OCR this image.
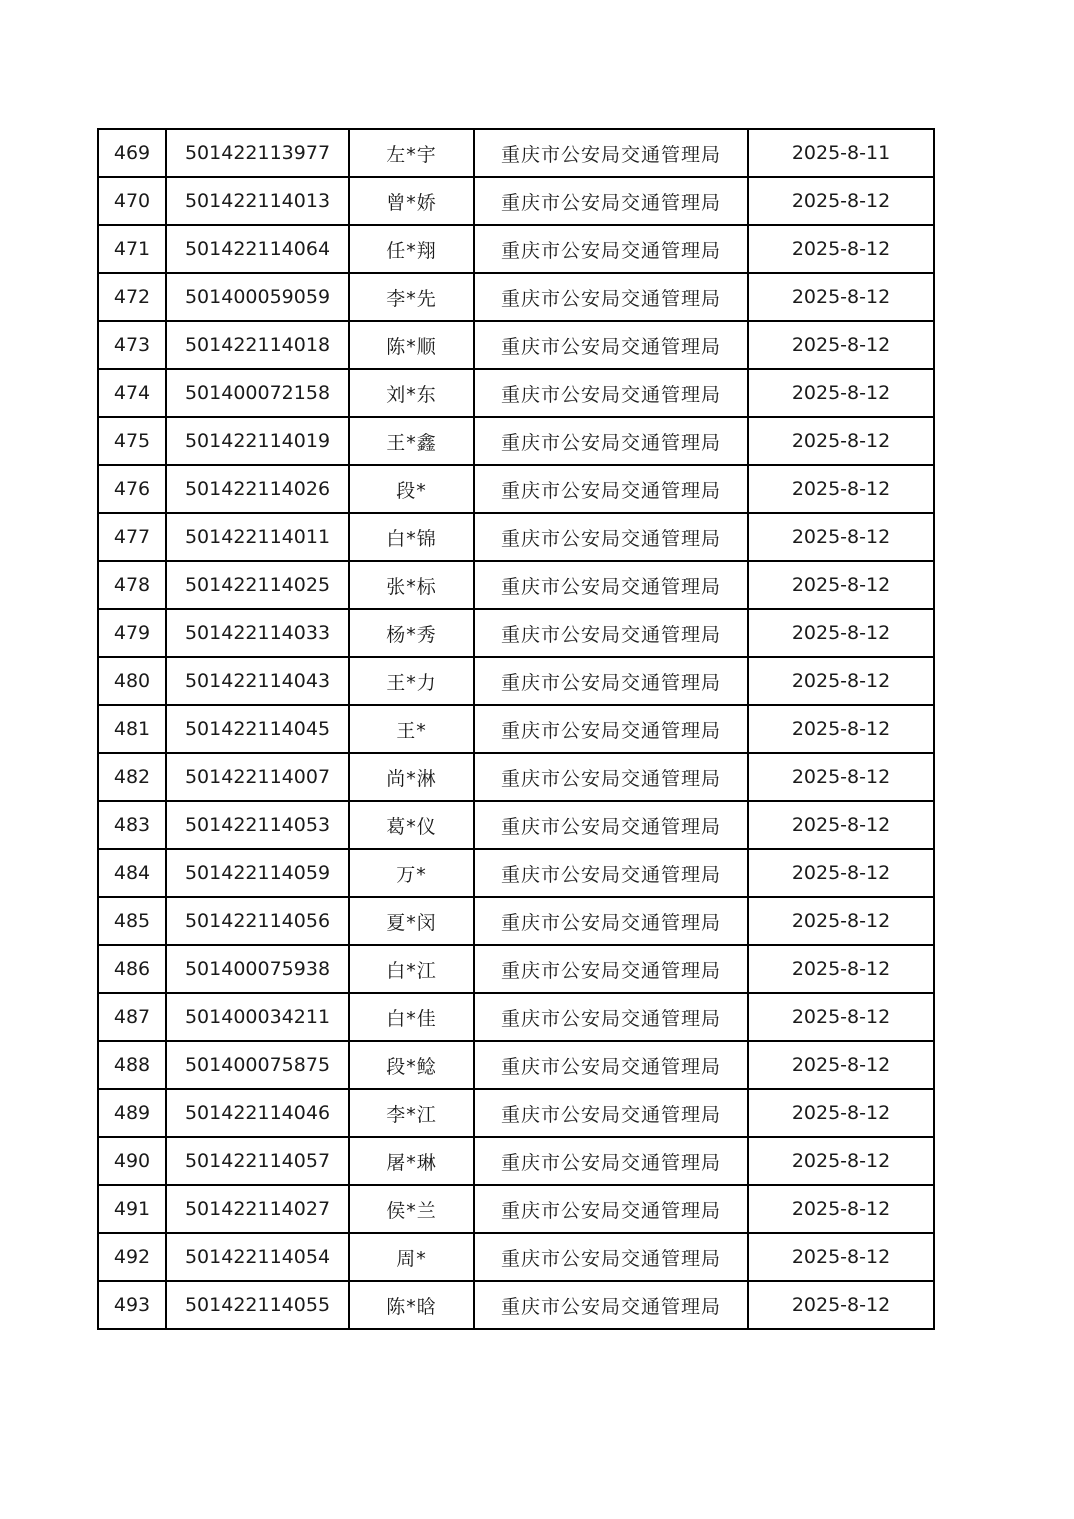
469	501422113977	左*宇	重庆市公安局交通管理局	2025-8-11
470	501422114013	曾*娇	重庆市公安局交通管理局	2025-8-12
471	501422114064	任*翔	重庆市公安局交通管理局	2025-8-12
472	501400059059	李*先	重庆市公安局交通管理局	2025-8-12
473	501422114018	陈*顺	重庆市公安局交通管理局	2025-8-12
474	501400072158	刘*东	重庆市公安局交通管理局	2025-8-12
475	501422114019	王*鑫	重庆市公安局交通管理局	2025-8-12
476	501422114026	段*	重庆市公安局交通管理局	2025-8-12
477	501422114011	白*锦	重庆市公安局交通管理局	2025-8-12
478	501422114025	张*标	重庆市公安局交通管理局	2025-8-12
479	501422114033	杨*秀	重庆市公安局交通管理局	2025-8-12
480	501422114043	王*力	重庆市公安局交通管理局	2025-8-12
481	501422114045	王*	重庆市公安局交通管理局	2025-8-12
482	501422114007	尚*淋	重庆市公安局交通管理局	2025-8-12
483	501422114053	葛*仪	重庆市公安局交通管理局	2025-8-12
484	501422114059	万*	重庆市公安局交通管理局	2025-8-12
485	501422114056	夏*闵	重庆市公安局交通管理局	2025-8-12
486	501400075938	白*江	重庆市公安局交通管理局	2025-8-12
487	501400034211	白*佳	重庆市公安局交通管理局	2025-8-12
488	501400075875	段*鲶	重庆市公安局交通管理局	2025-8-12
489	501422114046	李*江	重庆市公安局交通管理局	2025-8-12
490	501422114057	屠*琳	重庆市公安局交通管理局	2025-8-12
491	501422114027	侯*兰	重庆市公安局交通管理局	2025-8-12
492	501422114054	周*	重庆市公安局交通管理局	2025-8-12
493	501422114055	陈*晗	重庆市公安局交通管理局	2025-8-12
